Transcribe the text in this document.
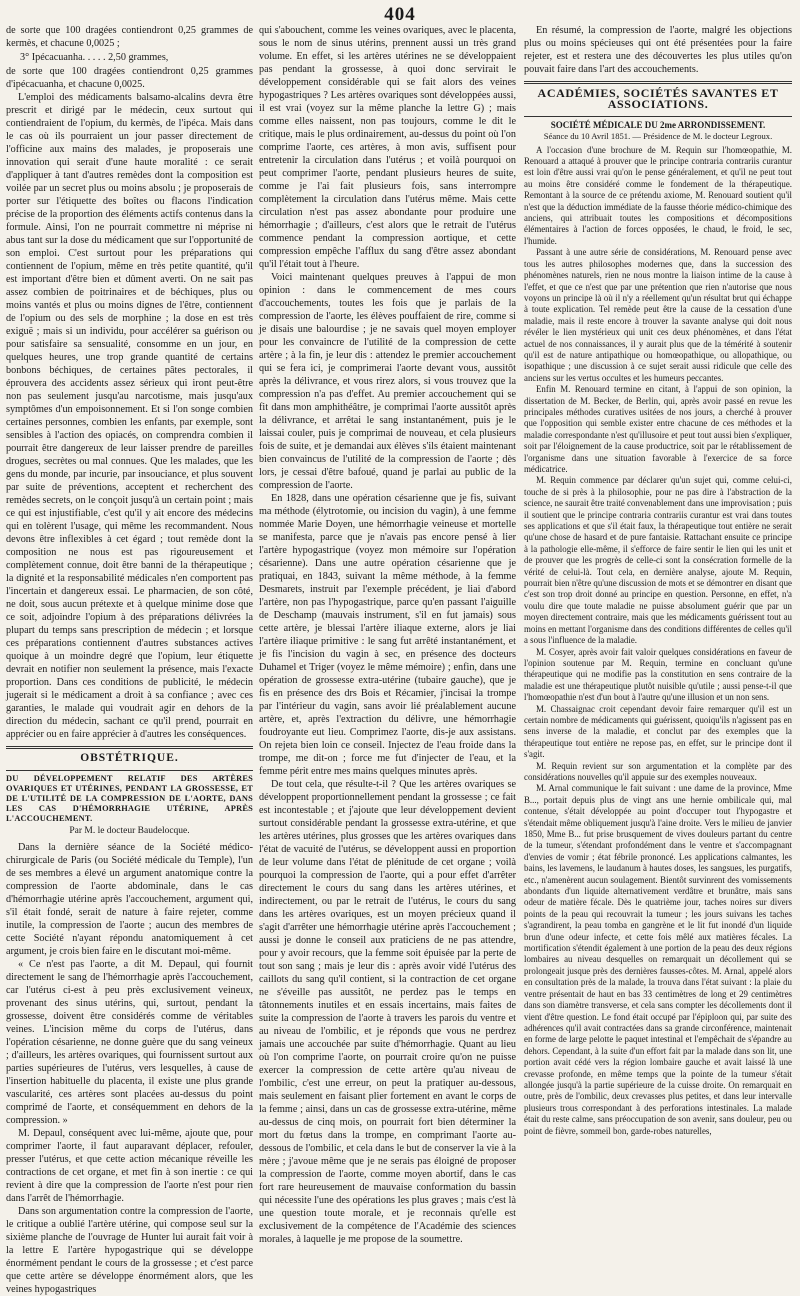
404

de sorte que 100 dragées contiendront 0,25 grammes de kermès, et chacune 0,0025 ;

3° Ipécacuanha. . . . . 2,50 grammes,

de sorte que 100 dragées contiendront 0,25 grammes d'ipécacuanha, et chacune 0,0025.

L'emploi des médicaments balsamo-alcalins devra être prescrit et dirigé par le médecin, ceux surtout qui contiendraient de l'opium, du kermès, de l'ipéca. Mais dans le cas où ils pourraient un jour passer directement de l'officine aux mains des malades, je proposerais une innovation qui serait d'une haute moralité : ce serait d'appliquer à tant d'autres remèdes dont la composition est voilée par un secret plus ou moins absolu ; je proposerais de porter sur l'étiquette des boîtes ou flacons l'indication précise de la proportion des éléments actifs contenus dans la formule. Ainsi, l'on ne pourrait commettre ni méprise ni abus tant sur la dose du médicament que sur l'opportunité de son emploi. C'est surtout pour les préparations qui contiennent de l'opium, même en très petite quantité, qu'il est important d'être bien et dûment averti. On ne sait pas assez combien de poitrinaires et de béchiques, plus ou moins vantés et plus ou moins dignes de l'être, contiennent de l'opium ou des sels de morphine ; la dose en est très exiguë ; mais si un individu, pour accélérer sa guérison ou pour satisfaire sa sensualité, consomme en un jour, en quelques heures, une trop grande quantité de certains bonbons béchiques, de certaines pâtes pectorales, il éprouvera des accidents assez sérieux qui iront peut-être non pas seulement jusqu'au narcotisme, mais jusqu'aux symptômes d'un empoisonnement. Et si l'on songe combien certaines personnes, combien les enfants, par exemple, sont sensibles à l'action des opiacés, on comprendra combien il pourrait être dangereux de leur laisser prendre de pareilles drogues, secrètes ou mal connues. Que les malades, que les gens du monde, par incurie, par insouciance, et plus souvent par suite de préventions, acceptent et recherchent des remèdes secrets, on le conçoit jusqu'à un certain point ; mais ce qui est injustifiable, c'est qu'il y ait encore des médecins qui en tolèrent l'usage, qui même les recommandent. Nous devons être inflexibles à cet égard ; tout remède dont la composition ne nous est pas rigoureusement et complètement connue, doit être banni de la thérapeutique ; la dignité et la responsabilité médicales n'en comportent pas l'incertain et dangereux essai. Le pharmacien, de son côté, ne doit, sous aucun prétexte et à quelque minime dose que ce soit, adjoindre l'opium à des préparations délivrées la plupart du temps sans prescription de médecin ; et lorsque ces préparations contiennent d'autres substances actives quoique à un moindre degré que l'opium, leur étiquette devrait en notifier non seulement la présence, mais l'exacte proportion. Dans ces conditions de publicité, le médecin jugerait si le médicament a droit à sa confiance ; avec ces garanties, le malade qui voudrait agir en dehors de la direction du médecin, sachant ce qu'il prend, pourrait en apprécier ou en faire apprécier à d'autres les conséquences.

OBSTÉTRIQUE.

DU DÉVELOPPEMENT RELATIF DES ARTÈRES OVARIQUES ET UTÉRINES, PENDANT LA GROSSESSE, ET DE L'UTILITÉ DE LA COMPRESSION DE L'AORTE, DANS LES CAS D'HÉMORRHAGIE UTÉRINE, APRÈS L'ACCOUCHEMENT.

Par M. le docteur Baudelocque.

Dans la dernière séance de la Société médico-chirurgicale de Paris (ou Société médicale du Temple), l'un de ses membres a élevé un argument anatomique contre la compression de l'aorte abdominale, dans le cas d'hémorrhagie utérine après l'accouchement, argument qui, s'il était fondé, serait de nature à faire rejeter, comme inutile, la compression de l'aorte ; aucun des membres de cette Société n'ayant répondu anatomiquement à cet argument, je crois bien faire en le discutant moi-même.

« Ce n'est pas l'aorte, a dit M. Depaul, qui fournit directement le sang de l'hémorrhagie après l'accouchement, car l'utérus ci-est à peu près exclusivement veineux, provenant des sinus utérins, qui, surtout, pendant la grossesse, doivent être considérés comme de véritables veines. L'incision même du corps de l'utérus, dans l'opération césarienne, ne donne guère que du sang veineux ; d'ailleurs, les artères ovariques, qui fournissent surtout aux parties supérieures de l'utérus, vers lesquelles, à cause de l'insertion habituelle du placenta, il existe une plus grande vascularité, ces artères sont placées au-dessus du point comprimé de l'aorte, et conséquemment en dehors de la compression. »

M. Depaul, conséquent avec lui-même, ajoute que, pour comprimer l'aorte, il faut auparavant déplacer, refouler, presser l'utérus, et que cette action mécanique réveille les contractions de cet organe, et met fin à son inertie : ce qui revient à dire que la compression de l'aorte n'est pour rien dans l'arrêt de l'hémorrhagie.

Dans son argumentation contre la compression de l'aorte, le critique a oublié l'artère utérine, qui compose seul sur la sixième planche de l'ouvrage de Hunter lui aurait fait voir à la lettre E l'artère hypogastrique qui se développe énormément pendant le cours de la grossesse ; et c'est parce que cette artère se développe énormément alors, que les veines hypogastriques

qui s'abouchent, comme les veines ovariques, avec le placenta, sous le nom de sinus utérins, prennent aussi un très grand volume. En effet, si les artères utérines ne se développaient pas pendant la grossesse, à quoi donc servirait le développement considérable qui se fait alors des veines hypogastriques ? Les artères ovariques sont développées aussi, il est vrai (voyez sur la même planche la lettre G) ; mais comme elles naissent, non pas toujours, comme le dit le critique, mais le plus ordinairement, au-dessus du point où l'on comprime l'aorte, ces artères, à mon avis, suffisent pour entretenir la circulation dans l'utérus ; et voilà pourquoi on peut comprimer l'aorte, pendant plusieurs heures de suite, comme je l'ai fait plusieurs fois, sans interrompre complètement la circulation dans l'utérus même. Mais cette circulation n'est pas assez abondante pour produire une hémorrhagie ; d'ailleurs, c'est alors que le retrait de l'utérus commence pendant la compression aortique, et cette compression empêche l'afflux du sang d'être assez abondant qu'il l'était tout à l'heure.

Voici maintenant quelques preuves à l'appui de mon opinion : dans le commencement de mes cours d'accouchements, toutes les fois que je parlais de la compression de l'aorte, les élèves pouffaient de rire, comme si je disais une balourdise ; je ne savais quel moyen employer pour les convaincre de l'utilité de la compression de cette artère ; à la fin, je leur dis : attendez le premier accouchement qui se fera ici, je comprimerai l'aorte devant vous, aussitôt après la délivrance, et vous rirez alors, si vous trouvez que la compression n'a pas d'effet. Au premier accouchement qui se fit dans mon amphithéâtre, je comprimai l'aorte aussitôt après la délivrance, et arrêtai le sang instantanément, puis je le laissai couler, puis je comprimai de nouveau, et cela plusieurs fois de suite, et je demandai aux élèves s'ils étaient maintenant bien convaincus de l'utilité de la compression de l'aorte ; dès lors, je cessai d'être bafoué, quand je parlai au public de la compression de l'aorte.

En 1828, dans une opération césarienne que je fis, suivant ma méthode (élytrotomie, ou incision du vagin), à une femme nommée Marie Doyen, une hémorrhagie veineuse et mortelle se manifesta, parce que je n'avais pas encore pensé à lier l'artère hypogastrique (voyez mon mémoire sur l'opération césarienne). Dans une autre opération césarienne que je pratiquai, en 1843, suivant la même méthode, à la femme Desmarets, instruit par l'exemple précédent, je liai d'abord l'artère, non pas l'hypogastrique, parce qu'en passant l'aiguille de Deschamp (mauvais instrument, s'il en fut jamais) sous cette artère, je blessai l'artère iliaque externe, alors je liai l'artère iliaque primitive : le sang fut arrêté instantanément, et je fis l'incision du vagin à sec, en présence des docteurs Duhamel et Triger (voyez le même mémoire) ; enfin, dans une opération de grossesse extra-utérine (tubaire gauche), que je fis en présence des drs Bois et Récamier, j'incisai la trompe par l'intérieur du vagin, sans avoir lié préalablement aucune artère, et, après l'extraction du délivre, une hémorrhagie foudroyante eut lieu. Comprimez l'aorte, dis-je aux assistans. On rejeta bien loin ce conseil. Injectez de l'eau froide dans la trompe, me dit-on ; force me fut d'injecter de l'eau, et la femme périt entre mes mains quelques minutes après.

De tout cela, que résulte-t-il ? Que les artères ovariques se développent proportionnellement pendant la grossesse ; ce fait est incontestable ; et j'ajoute que leur développement devient surtout considérable pendant la grossesse extra-utérine, et que les artères utérines, plus grosses que les artères ovariques dans l'état de vacuité de l'utérus, se développent aussi en proportion de leur volume dans l'état de plénitude de cet organe ; voilà pourquoi la compression de l'aorte, qui a pour effet d'arrêter directement le cours du sang dans les artères utérines, et indirectement, ou par le retrait de l'utérus, le cours du sang dans les artères ovariques, est un moyen précieux quand il s'agit d'arrêter une hémorrhagie utérine après l'accouchement ; aussi je donne le conseil aux praticiens de ne pas attendre, pour y avoir recours, que la femme soit épuisée par la perte de tout son sang ; mais je leur dis : après avoir vidé l'utérus des caillots du sang qu'il contient, si la contraction de cet organe ne s'éveille pas aussitôt, ne perdez pas le temps en tâtonnements inutiles et en essais incertains, mais faites de suite la compression de l'aorte à travers les parois du ventre et au niveau de l'ombilic, et je réponds que vous ne perdrez jamais une accouchée par suite d'hémorrhagie. Quant au lieu où l'on comprime l'aorte, on pourrait croire qu'on ne puisse exercer la compression de cette artère qu'au niveau de l'ombilic, c'est une erreur, on peut la pratiquer au-dessous, mais seulement en faisant plier fortement en avant le corps de la femme ; ainsi, dans un cas de grossesse extra-utérine, même au-dessus de cinq mois, on pourrait fort bien déterminer la mort du fœtus dans la trompe, en comprimant l'aorte au-dessous de l'ombilic, et cela dans le but de conserver la vie à la mère ; j'avoue même que je ne serais pas éloigné de proposer la compression de l'aorte, comme moyen abortif, dans le cas fort rare heureusement de mauvaise conformation du bassin qui nécessite l'une des opérations les plus graves ; mais c'est là une question toute morale, et je reconnais qu'elle est exclusivement de la compétence de l'Académie des sciences morales, à laquelle je me propose de la soumettre.

En résumé, la compression de l'aorte, malgré les objections plus ou moins spécieuses qui ont été présentées pour la faire rejeter, est et restera une des découvertes les plus utiles qu'on pouvait faire dans l'art des accouchements.

ACADÉMIES, SOCIÉTÉS SAVANTES ET ASSOCIATIONS.

SOCIÉTÉ MÉDICALE DU 2me ARRONDISSEMENT.

Séance du 10 Avril 1851. — Présidence de M. le docteur Legroux.

A l'occasion d'une brochure de M. Requin sur l'homœopathie, M. Renouard a attaqué à prouver que le principe contraria contrariis curantur est loin d'être aussi vrai qu'on le pense généralement, et qu'il ne peut tout au moins être considéré comme le fondement de la thérapeutique. Remontant à la source de ce prétendu axiome, M. Renouard soutient qu'il n'est que la déduction immédiate de la fausse théorie médico-chimique des anciens, qui attribuait toutes les compositions et décompositions élémentaires à l'action de forces opposées, le chaud, le froid, le sec, l'humide.

Passant à une autre série de considérations, M. Renouard pense avec tous les autres philosophes modernes que, dans la succession des phénomènes naturels, rien ne nous montre la liaison intime de la cause à l'effet, et que ce n'est que par une prétention que rien n'autorise que nous voyons un principe là où il n'y a réellement qu'un résultat brut qui échappe à toute explication. Tel remède peut être la cause de la cessation d'une maladie, mais il reste encore à trouver la savante analyse qui doit nous révéler le lien mystérieux qui unit ces deux phénomènes, et dans l'état actuel de nos connaissances, il y aurait plus que de la témérité à soutenir qu'il est de nature antipathique ou homœopathique, ou allopathique, ou isopathique ; une discussion à ce sujet serait aussi ridicule que celle des anciens sur les vertus occultes et les humeurs peccantes.

Enfin M. Renouard termine en citant, à l'appui de son opinion, la dissertation de M. Becker, de Berlin, qui, après avoir passé en revue les principales méthodes curatives usitées de nos jours, a cherché à prouver que l'opposition qui semble exister entre chacune de ces méthodes et la maladie correspondante n'est qu'illusoire et peut tout aussi bien s'expliquer, soit par l'éloignement de la cause productrice, soit par le rétablissement de l'organisme dans une situation favorable à l'exercice de sa force médicatrice.

M. Requin commence par déclarer qu'un sujet qui, comme celui-ci, touche de si près à la philosophie, pour ne pas dire à l'abstraction de la science, ne saurait être traité convenablement dans une improvisation ; puis il soutient que le principe contraria contrariis curantur est vrai dans toutes ses applications et que s'il était faux, la thérapeutique tout entière ne serait qu'une chose de hasard et de pure fantaisie. Rattachant ensuite ce principe à la pathologie elle-même, il s'efforce de faire sentir le lien qui les unit et de prouver que les progrès de celle-ci sont la consécration formelle de la vérité de celui-là. Tout cela, en dernière analyse, ajoute M. Requin, pourrait bien n'être qu'une discussion de mots et se démontrer en disant que c'est son trop droit donné au principe en question. Personne, en effet, n'a voulu dire que toute maladie ne puisse absolument guérir que par un moyen directement contraire, mais que les médicaments guérissent tout au moins en mettant l'organisme dans des conditions différentes de celles qu'il a sous l'influence de la maladie.

M. Cosyer, après avoir fait valoir quelques considérations en faveur de l'opinion soutenue par M. Requin, termine en concluant qu'une thérapeutique qui ne modifie pas la constitution en sens contraire de la maladie est une thérapeutique plutôt nuisible qu'utile ; aussi pense-t-il que l'homœopathie n'est d'un bout à l'autre qu'une illusion et un non sens.

M. Chassaignac croit cependant devoir faire remarquer qu'il est un certain nombre de médicaments qui guérissent, quoiqu'ils n'agissent pas en sens inverse de la maladie, et conclut par des exemples que la thérapeutique tout entière ne repose pas, en effet, sur le principe dont il s'agit.

M. Requin revient sur son argumentation et la complète par des considérations nouvelles qu'il appuie sur des exemples nouveaux.

M. Arnal communique le fait suivant : une dame de la province, Mme B..., portait depuis plus de vingt ans une hernie ombilicale qui, mal contenue, s'était développée au point d'occuper tout l'hypogastre et s'étendait même obliquement jusqu'à l'aine droite. Vers le milieu de janvier 1850, Mme B... fut prise brusquement de vives douleurs partant du centre de la tumeur, s'étendant profondément dans le ventre et s'accompagnant d'envies de vomir ; état fébrile prononcé. Les applications calmantes, les bains, les lavemens, le laudanum à hautes doses, les sangsues, les purgatifs, etc., n'amenèrent aucun soulagement. Bientôt survinrent des vomissements abondants d'un liquide alternativement verdâtre et brunâtre, mais sans odeur de matière fécale. Dès le quatrième jour, taches noires sur divers points de la peau qui recouvrait la tumeur ; les jours suivans les taches s'agrandirent, la peau tomba en gangrène et le lit fut inondé d'un liquide brun d'une odeur infecte, et cette fois mêlé aux matières fécales. La mortification s'étendit également à une portion de la peau des deux régions lombaires au niveau desquelles on remarquait un décollement qui se prolongeait jusque près des dernières fausses-côtes. M. Arnal, appelé alors en consultation près de la malade, la trouva dans l'état suivant : la plaie du ventre présentait de haut en bas 33 centimètres de long et 29 centimètres dans son diamètre transverse, et cela sans compter les décollements dont il vient d'être question. Le fond était occupé par l'épiploon qui, par suite des adhérences qu'il avait contractées dans sa grande circonférence, maintenait en forme de large pelotte le paquet intestinal et l'empêchait de s'épandre au dehors. Cependant, à la suite d'un effort fait par la malade dans son lit, une portion avait cédé vers la région lombaire gauche et avait laissé là une crevasse profonde, en même temps que la pointe de la tumeur s'était allongée jusqu'à la partie supérieure de la cuisse droite. On remarquait en outre, près de l'ombilic, deux crevasses plus petites, et dans leur intervalle plusieurs trous correspondant à des perforations intestinales. La malade était du reste calme, sans préoccupation de son avenir, sans douleur, peu ou point de fièvre, sommeil bon, garde-robes naturelles,
